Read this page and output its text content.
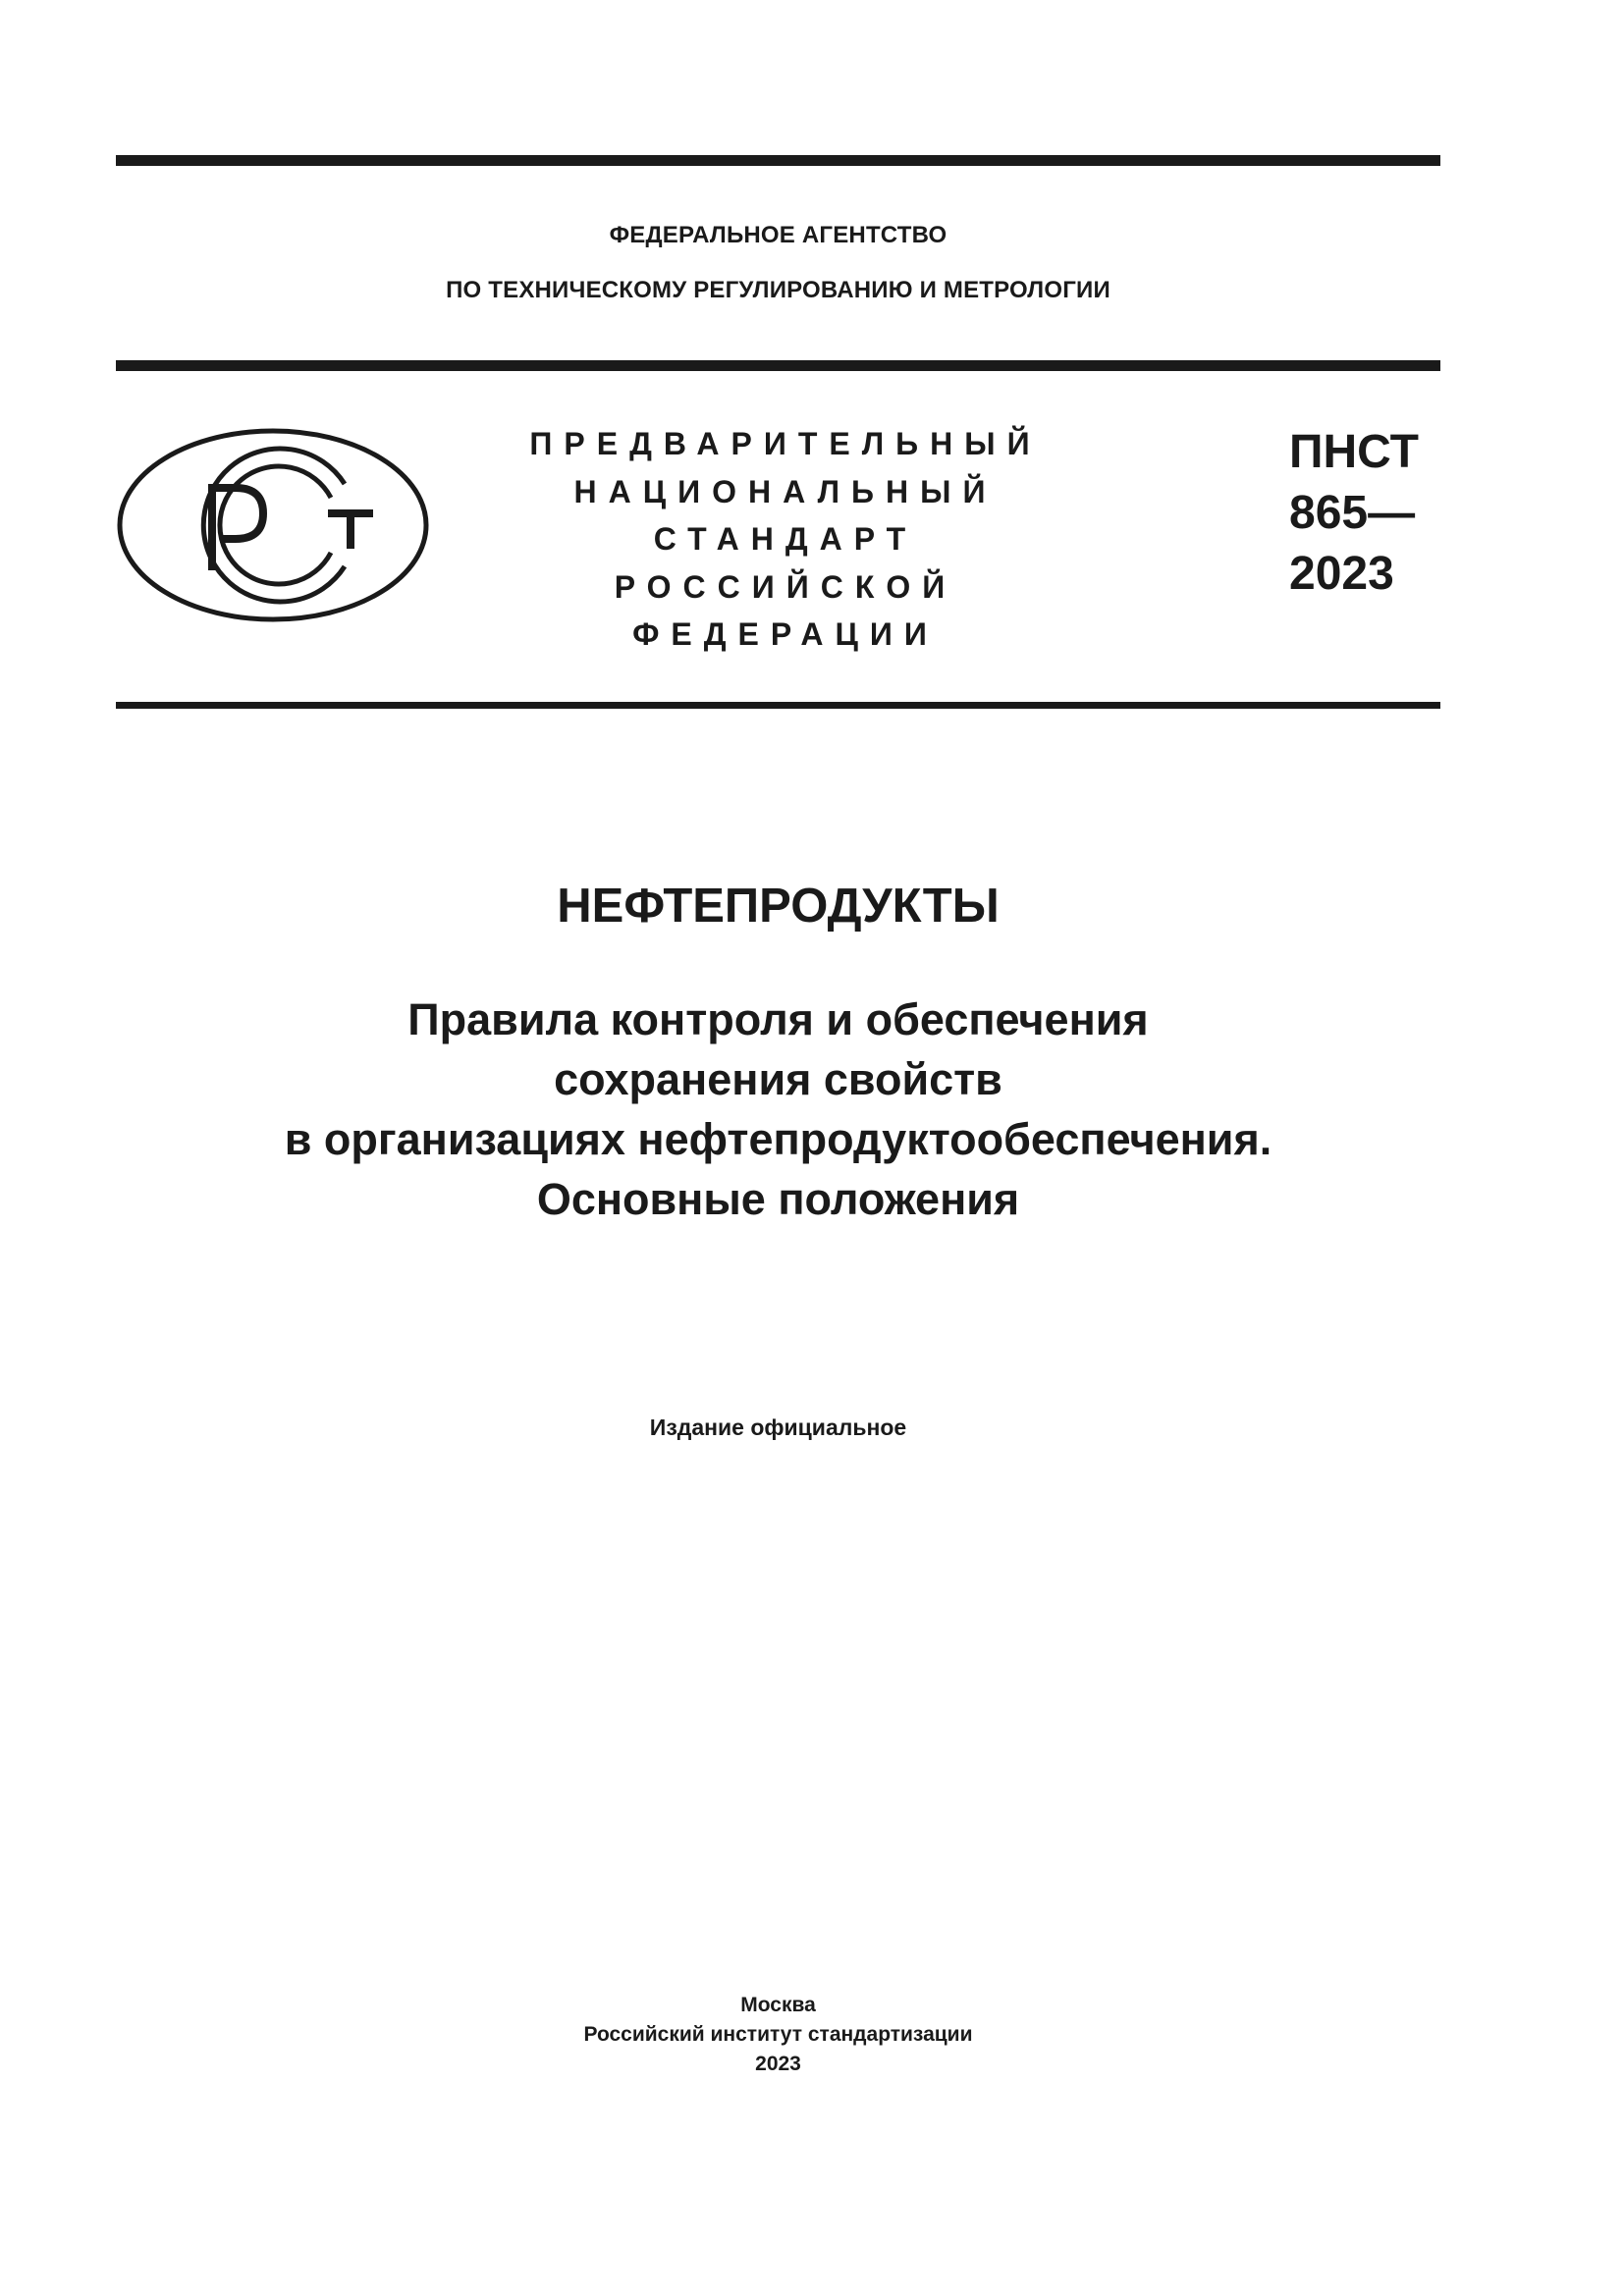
ФЕДЕРАЛЬНОЕ АГЕНТСТВО
ПО ТЕХНИЧЕСКОМУ РЕГУЛИРОВАНИЮ И МЕТРОЛОГИИ
ПРЕДВАРИТЕЛЬНЫЙ
НАЦИОНАЛЬНЫЙ
СТАНДАРТ
РОССИЙСКОЙ
ФЕДЕРАЦИИ
ПНСТ
865—
2023
НЕФТЕПРОДУКТЫ
Правила контроля и обеспечения
сохранения свойств
в организациях нефтепродуктообеспечения.
Основные положения
Издание официальное
Москва
Российский институт стандартизации
2023
